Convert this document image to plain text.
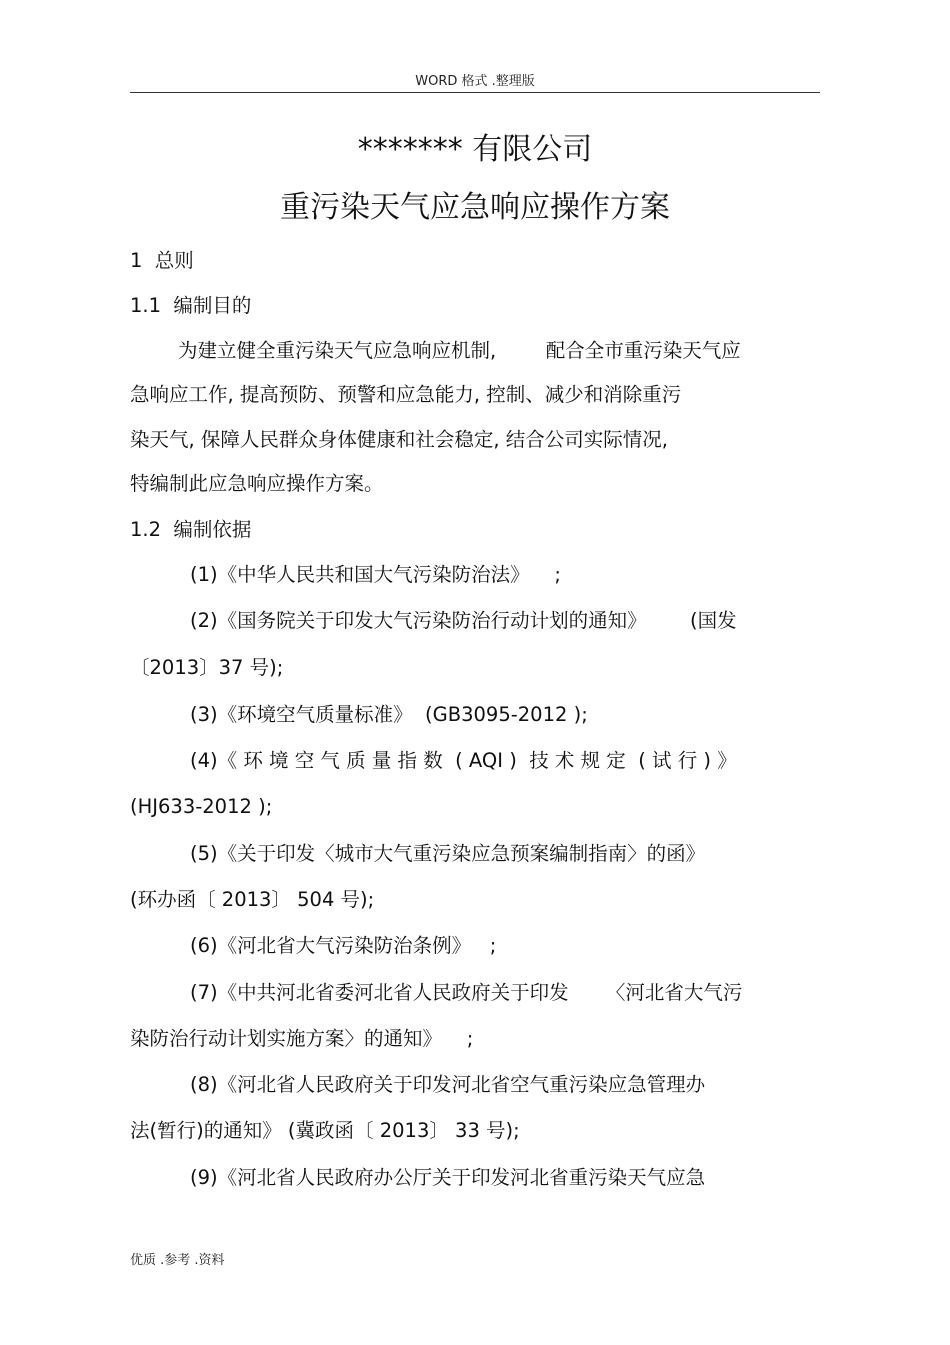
WORD 格式 .整理版
******* 有限公司
重污染天气应急响应操作方案
1  总则
1.1  编制目的
为建立健全重污染天气应急响应机制,        配合全市重污染天气应
急响应工作, 提高预防、预警和应急能力, 控制、减少和消除重污
染天气, 保障人民群众身体健康和社会稳定, 结合公司实际情况,
特编制此应急响应操作方案。
1.2  编制依据
(1)《中华人民共和国大气污染防治法》    ;
(2)《国务院关于印发大气污染防治行动计划的通知》       (国发
〔2013〕37 号);
(3)《环境空气质量标准》  (GB3095-2012 );
(4)《 环 境 空 气 质 量 指 数  ( AQI )  技 术 规 定  ( 试 行 ) 》
(HJ633-2012 );
(5)《关于印发〈城市大气重污染应急预案编制指南〉的函》
(环办函〔 2013〕 504 号);
(6)《河北省大气污染防治条例》   ;
(7)《中共河北省委河北省人民政府关于印发      〈河北省大气污
染防治行动计划实施方案〉的通知》    ;
(8)《河北省人民政府关于印发河北省空气重污染应急管理办
法(暂行)的通知》 (冀政函〔 2013〕 33 号);
(9)《河北省人民政府办公厅关于印发河北省重污染天气应急
优质 .参考 .资料
